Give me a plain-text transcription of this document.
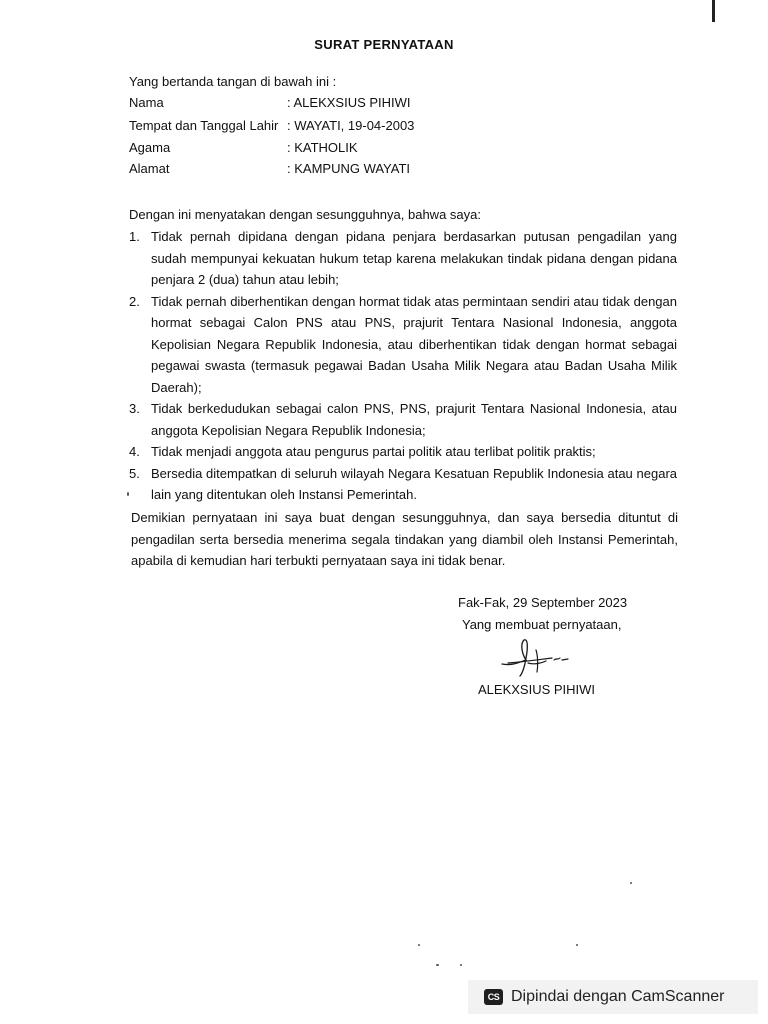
SURAT PERNYATAAN
Yang bertanda tangan di bawah ini :
Nama	: ALEKXSIUS PIHIWI
Tempat dan Tanggal Lahir : WAYATI, 19-04-2003
Agama	: KATHOLIK
Alamat	: KAMPUNG WAYATI
Dengan ini menyatakan dengan sesungguhnya, bahwa saya:
1. Tidak pernah dipidana dengan pidana penjara berdasarkan putusan pengadilan yang sudah mempunyai kekuatan hukum tetap karena melakukan tindak pidana dengan pidana penjara 2 (dua) tahun atau lebih;
2. Tidak pernah diberhentikan dengan hormat tidak atas permintaan sendiri atau tidak dengan hormat sebagai Calon PNS atau PNS, prajurit Tentara Nasional Indonesia, anggota Kepolisian Negara Republik Indonesia, atau diberhentikan tidak dengan hormat sebagai pegawai swasta (termasuk pegawai Badan Usaha Milik Negara atau Badan Usaha Milik Daerah);
3. Tidak berkedudukan sebagai calon PNS, PNS, prajurit Tentara Nasional Indonesia, atau anggota Kepolisian Negara Republik Indonesia;
4. Tidak menjadi anggota atau pengurus partai politik atau terlibat politik praktis;
5. Bersedia ditempatkan di seluruh wilayah Negara Kesatuan Republik Indonesia atau negara lain yang ditentukan oleh Instansi Pemerintah.
Demikian pernyataan ini saya buat dengan sesungguhnya, dan saya bersedia dituntut di pengadilan serta bersedia menerima segala tindakan yang diambil oleh Instansi Pemerintah, apabila di kemudian hari terbukti pernyataan saya ini tidak benar.
Fak-Fak, 29 September 2023
Yang membuat pernyataan,
ALEKXSIUS PIHIWI
CS Dipindai dengan CamScanner
